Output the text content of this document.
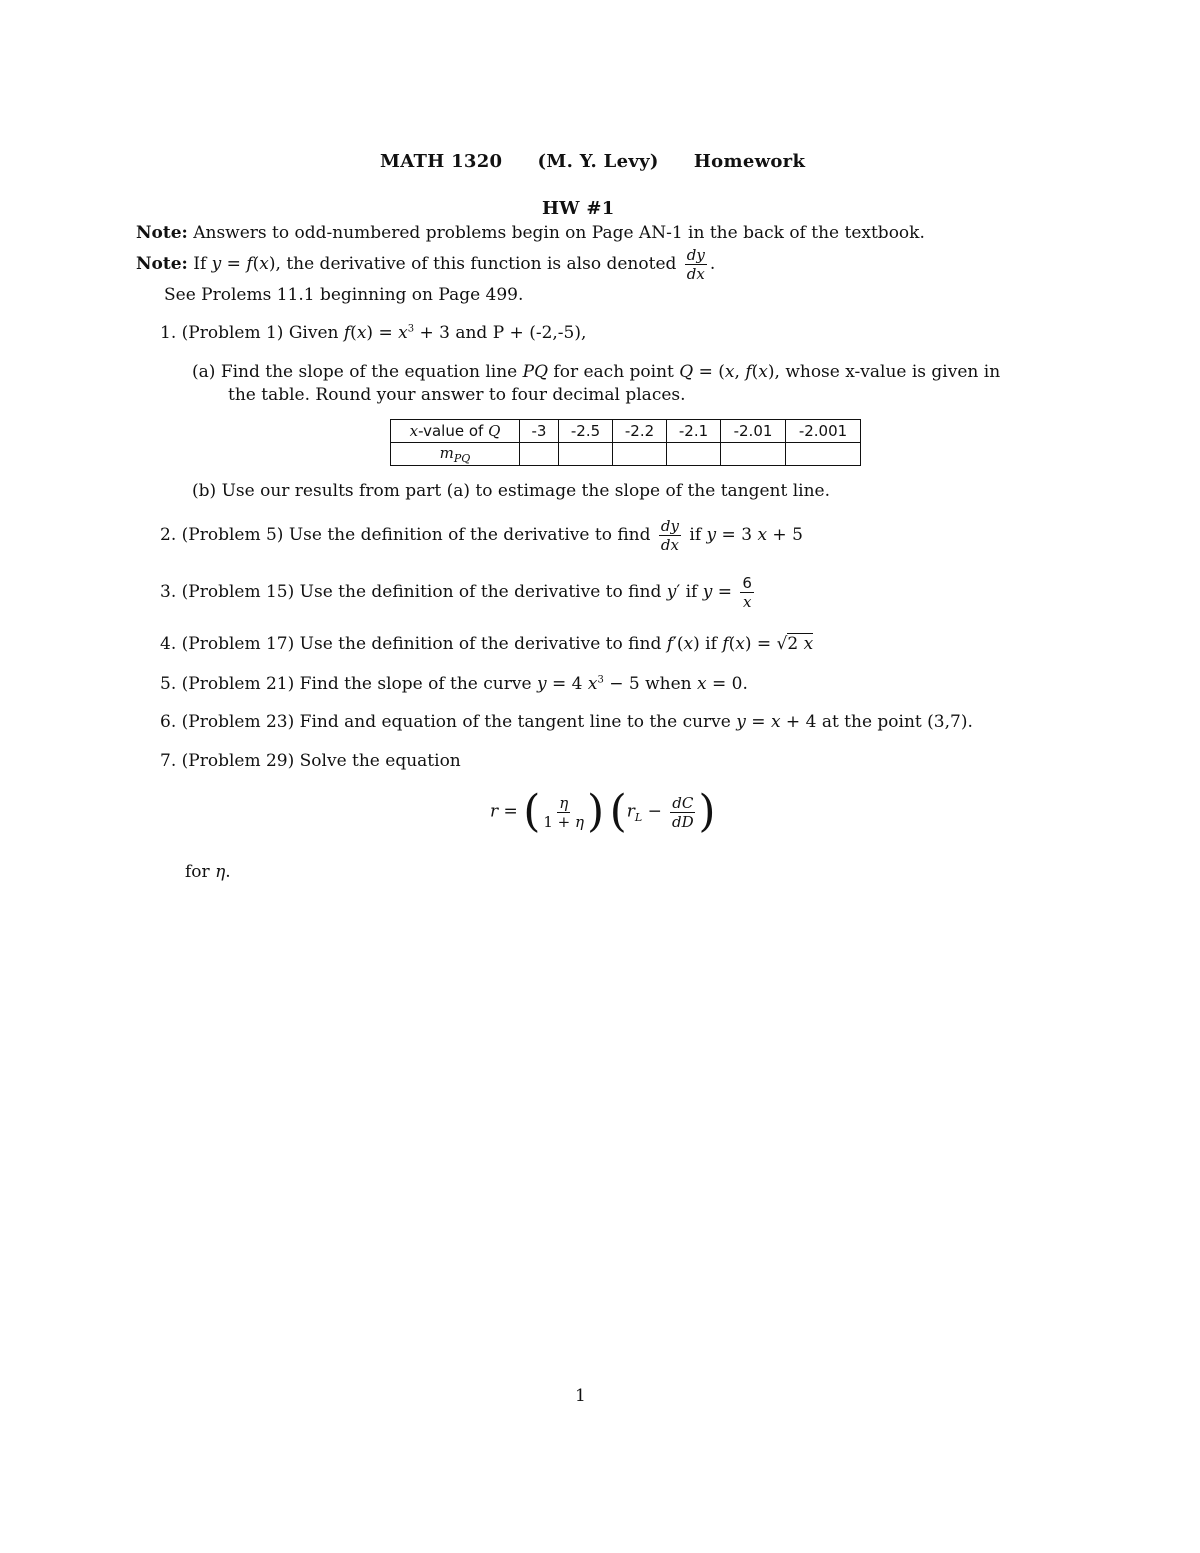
MATH 1320 (M. Y. Levy) Homework
HW #1
Note: Answers to odd-numbered problems begin on Page AN-1 in the back of the textbook.
Note: If y = f(x), the derivative of this function is also denoted $\frac{dy}{dx}$ .
See Prolems 11.1 beginning on Page 499.
1. (Problem 1) Given $f(x) = x^3 + 3$ and P + (-2,-5),
(a) Find the slope of the equation line PQ for each point Q = (x, f(x), whose x-value is given in
the table. Round your answer to four decimal places.
x-value of Q	-3	-2.5	-2.2	-2.1	-2.01	-2.001
$m_{PQ}$						
(b) Use our results from part (a) to estimage the slope of the tangent line.
2. (Problem 5) Use the definition of the derivative to find $\frac{dy}{dx}$ if y = 3 x + 5
3. (Problem 15) Use the definition of the derivative to find y′ if $y = \frac{6}{x}$
4. (Problem 17) Use the definition of the derivative to find f′(x) if f(x) = √2 x
5. (Problem 21) Find the slope of the curve y = 4 $x^3 - 5$ when x = 0.
6. (Problem 23) Find and equation of the tangent line to the curve y = x + 4 at the point (3,7).
7. (Problem 29) Solve the equation
r = ( $\frac{\eta}{1 + \eta}$ ) ($r_L - \frac{dC}{dD}$ )
for η.
1
